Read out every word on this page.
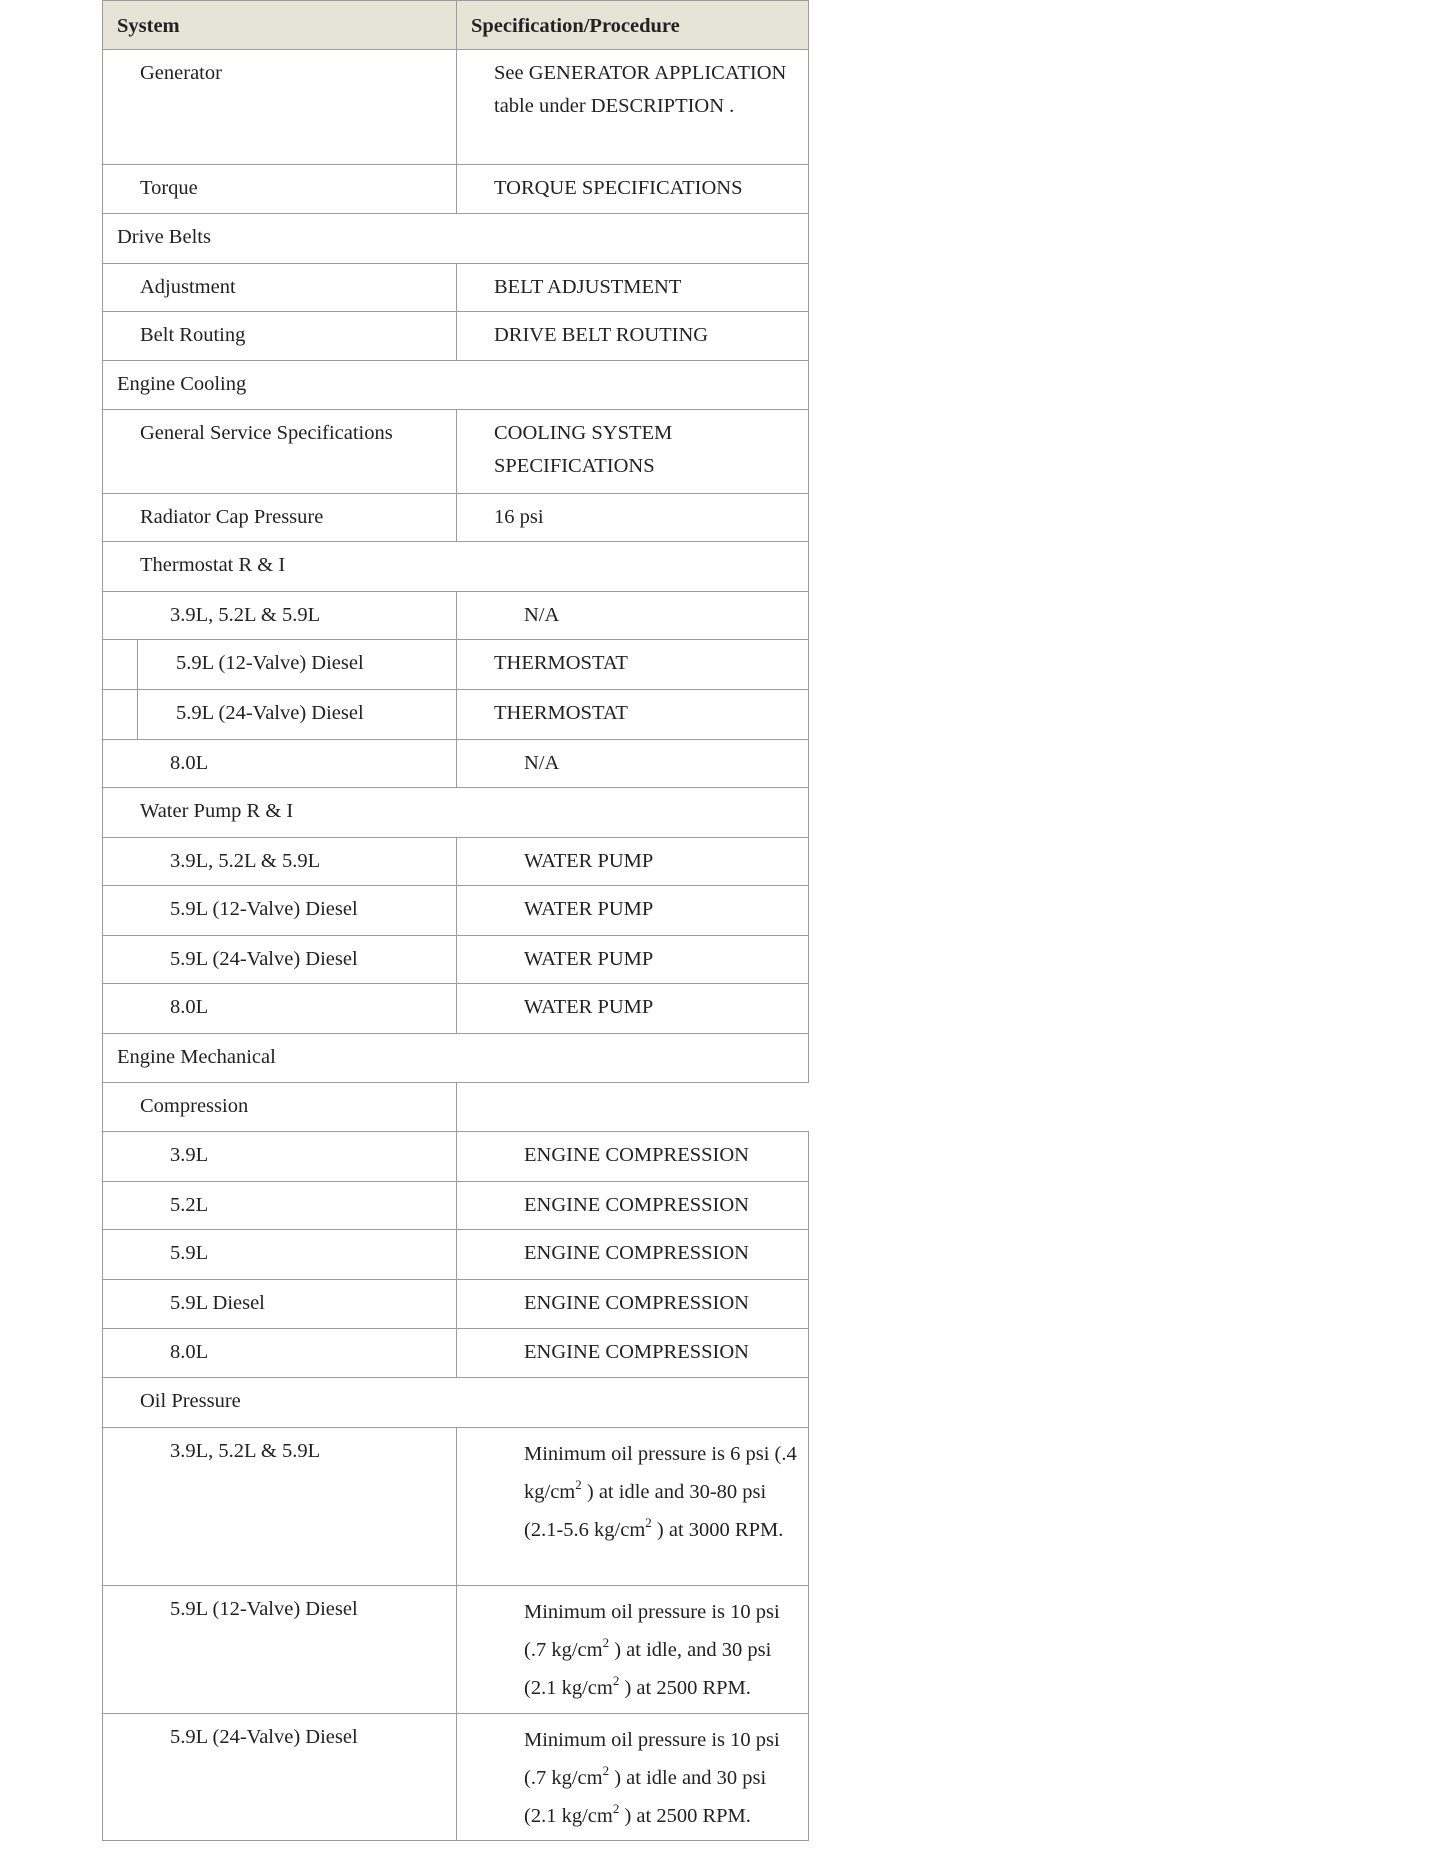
System	Specification/Procedure
Generator	See GENERATOR APPLICATION table under DESCRIPTION .
Torque	TORQUE SPECIFICATIONS
Drive Belts	
Adjustment	BELT ADJUSTMENT
Belt Routing	DRIVE BELT ROUTING
Engine Cooling	
General Service Specifications	COOLING SYSTEM SPECIFICATIONS
Radiator Cap Pressure	16 psi
Thermostat R & I	
3.9L, 5.2L & 5.9L	N/A
5.9L (12-Valve) Diesel	THERMOSTAT
5.9L (24-Valve) Diesel	THERMOSTAT
8.0L	N/A
Water Pump R & I	
3.9L, 5.2L & 5.9L	WATER PUMP
5.9L (12-Valve) Diesel	WATER PUMP
5.9L (24-Valve) Diesel	WATER PUMP
8.0L	WATER PUMP
Engine Mechanical	
Compression	
3.9L	ENGINE COMPRESSION
5.2L	ENGINE COMPRESSION
5.9L	ENGINE COMPRESSION
5.9L Diesel	ENGINE COMPRESSION
8.0L	ENGINE COMPRESSION
Oil Pressure	
3.9L, 5.2L & 5.9L	Minimum oil pressure is 6 psi (.4 $kg/cm^2$ ) at idle and 30-80 psi (2.1-5.6 $kg/cm^2$ ) at 3000 RPM.
5.9L (12-Valve) Diesel	Minimum oil pressure is 10 psi (.7 $kg/cm^2$ ) at idle, and 30 psi (2.1 $kg/cm^2$ ) at 2500 RPM.
5.9L (24-Valve) Diesel	Minimum oil pressure is 10 psi (.7 $kg/cm^2$ ) at idle and 30 psi (2.1 $kg/cm^2$ ) at 2500 RPM.
